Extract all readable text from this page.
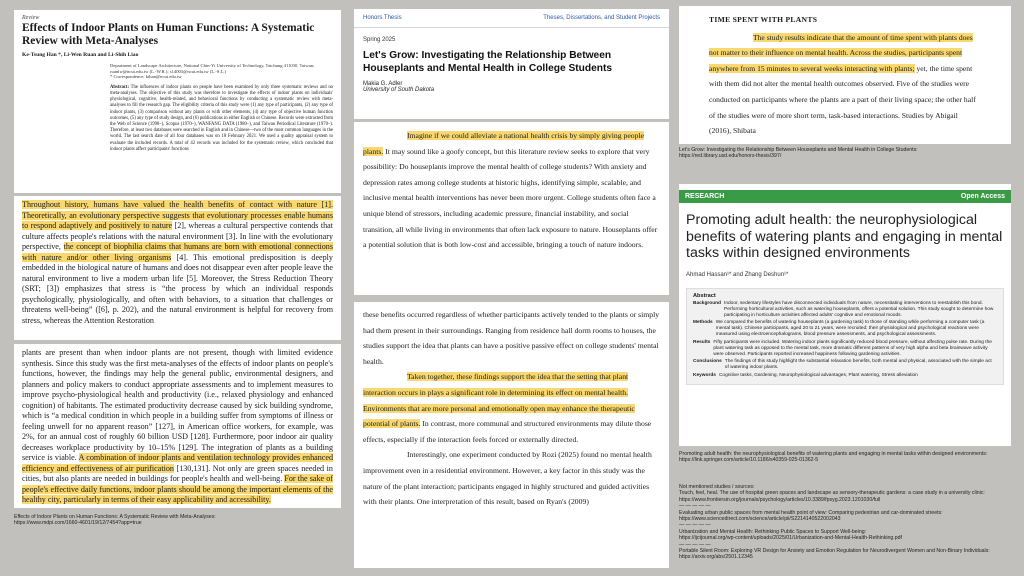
Review
Effects of Indoor Plants on Human Functions: A Systematic Review with Meta-Analyses
Ke-Tsung Han *, Li-Wen Ruan and Li-Shih Liao
Department of Landscape Architecture, National Chin-Yi University of Technology, Taichung 411030, Taiwan; ruanlw@ncut.edu.tw (L.-W.R.); s14003@ncut.edu.tw (L.-S.L.)
* Correspondence: kthan@ncut.edu.tw
Abstract: The influences of indoor plants on people have been examined by only three systematic reviews and no meta-analyses. The objective of this study was therefore to investigate the effects of indoor plants on individuals' physiological, cognitive, health-related, and behavioral functions by conducting a systematic review with meta-analyses to fill the research gap. The eligibility criteria of this study were (1) any type of participants, (2) any type of indoor plants, (3) comparison without any plants or with other elements, (4) any type of objective human function outcomes, (5) any type of study design, and (6) publications in either English or Chinese. Records were extracted from the Web of Science (1990–), Scopus (1970–), WANFANG DATA (1980–), and Taiwan Periodical Literature (1970–). Therefore, at least two databases were searched in English and in Chinese—two of the most common languages in the world. The last search date of all four databases was on 18 February 2021. We used a quality appraisal system to evaluate the included records. A total of 42 records was included for the systematic review, which concluded that indoor plants affect participants' functions

Throughout history, humans have valued the health benefits of contact with nature [1]. Theoretically, an evolutionary perspective suggests that evolutionary processes enable humans to respond adaptively and positively to nature [2], whereas a cultural perspective contends that culture affects people's relations with the natural environment [3]. In line with the evolutionary perspective, the concept of biophilia claims that humans are born with emotional connections with nature and/or other living organisms [4]. This emotional predisposition is deeply embedded in the biological nature of humans and does not disappear even after people leave the natural environment to live a modern urban life [5]. Moreover, the Stress Reduction Theory (SRT; [3]) emphasizes that stress is “the process by which an individual responds psychologically, physiologically, and often with behaviors, to a situation that challenges or threatens well-being” ([6], p. 202), and the natural environment is helpful for recovery from stress, whereas the Attention Restoration

plants are present than when indoor plants are not present, though with limited evidence synthesis. Since this study was the first meta-analyses of the effects of indoor plants on people's functions, however, the findings may help the general public, environmental designers, and planners and policy makers to conduct appropriate assessments and to implement measures to improve psycho-physiological health and productivity (i.e., relaxed physiology and enhanced cognition) of habitants. The estimated productivity decrease caused by sick building syndrome, which is “a medical condition in which people in a building suffer from symptoms of illness or feeling unwell for no apparent reason” [127], in American office workers, for example, was 2%, for an annual cost of roughly 60 billion USD [128]. Furthermore, poor indoor air quality decreases workplace productivity by 10–15% [129]. The integration of plants as a building service is viable. A combination of indoor plants and ventilation technology provides enhanced efficiency and effectiveness of air purification [130,131]. Not only are green spaces needed in cities, but also plants are needed in buildings for people's health and well-being. For the sake of people's effective daily functions, indoor plants should be among the important elements of the healthy city, particularly in terms of their easy applicability and accessibility.

Effects of Indoor Plants on Human Functions: A Systematic Review with Meta-Analyses:
https://www.mdpi.com/1660-4601/19/12/7454?app=true
Honors Thesis	Theses, Dissertations, and Student Projects
Spring 2025
Let's Grow: Investigating the Relationship Between Houseplants and Mental Health in College Students
Makia G. Adler
University of South Dakota

Imagine if we could alleviate a national health crisis by simply giving people plants. It may sound like a goofy concept, but this literature review seeks to explore that very possibility: Do houseplants improve the mental health of college students? With anxiety and depression rates among college students at historic highs, identifying simple, scalable, and inclusive mental health interventions has never been more urgent. College students often face a unique blend of stressors, including academic pressure, financial instability, and social transition, all while living in environments that often lack exposure to nature. Houseplants offer a potential solution that is both low-cost and accessible, bringing a touch of nature indoors.

these benefits occurred regardless of whether participants actively tended to the plants or simply had them present in their surroundings. Ranging from residence hall dorm rooms to houses, the studies support the idea that plants can have a positive passive effect on college students' mental health.

Taken together, these findings support the idea that the setting that plant interaction occurs in plays a significant role in determining its effect on mental health. Environments that are more personal and emotionally open may enhance the therapeutic potential of plants. In contrast, more communal and structured environments may dilute those effects, especially if the interaction feels forced or externally directed.

Interestingly, one experiment conducted by Rozi (2025) found no mental health improvement even in a residential environment. However, a key factor in this study was the nature of the plant interaction; participants engaged in highly structured and guided activities with their plants. One interpretation of this result, based on Ryan's (2009)

TIME SPENT WITH PLANTS

The study results indicate that the amount of time spent with plants does not matter to their influence on mental health. Across the studies, participants spent anywhere from 15 minutes to several weeks interacting with plants; yet, the time spent with them did not alter the mental health outcomes observed. Five of the studies were conducted on participants where the plants are a part of their living space; the other half of the studies were of more short term, task-based interactions. Studies by Abigail (2016), Shibata

Let's Grow: Investigating the Relationship Between Houseplants and Mental Health in College Students:
https://red.library.usd.edu/honors-thesis/397/
RESEARCH	Open Access
Promoting adult health: the neurophysiological benefits of watering plants and engaging in mental tasks within designed environments
Ahmad Hassan¹* and Zhang Deshun¹*
Abstract
Background Indoor, sedentary lifestyles have disconnected individuals from nature, necessitating interventions to reestablish this bond. Performing horticultural activities, such as watering houseplants, offers a potential solution. This study sought to determine how participating in horticulture activities affected adults' cognitive and emotional moods.
Methods We compared the benefits of watering houseplants (a gardening task) to those of standing while performing a computer task (a mental task). Chinese participants, aged 20 to 21 years, were recruited; their physiological and psychological reactions were measured using electroencephalograms, blood pressure assessments, and psychological assessments.
Results Fifty participants were included. Watering indoor plants significantly reduced blood pressure, without affecting pulse rate. During the plant watering task as opposed to the mental task, more dramatic different patterns of very high alpha and beta brainwave activity were observed. Participants reported increased happiness following gardening activities.
Conclusions The findings of this study highlight the substantial relaxation benefits, both mental and physical, associated with the simple act of watering indoor plants.
Keywords Cognitive tasks, Gardening, Neurophysiological advantages, Plant watering, Stress alleviation
Promoting adult health: the neurophysiological benefits of watering plants and engaging in mental tasks within designed environments:
https://link.springer.com/article/10.1186/s40359-025-01362-5
Not mentioned studies / sources:
Touch, feel, heal. The use of hospital green spaces and landscape as sensory-therapeutic gardens: a case study in a university clinic:
https://www.frontiersin.org/journals/psychology/articles/10.3389/fpsyg.2023.1201030/full
— — — — —
Evaluating urban public spaces from mental health point of view: Comparing pedestrian and car-dominated streets:
https://www.sciencedirect.com/science/article/pii/S2214140522002043
— — — — —
Urbanization and Mental Health: Rethinking Public Spaces to Support Well-being:
https://ijctjournal.org/wp-content/uploads/2025/01/Urbanization-and-Mental-Health-Rethinking.pdf
— — — — —
Portable Silent Room: Exploring VR Design for Anxiety and Emotion Regulation for Neurodivergent Women and Non-Binary Individuals:
https://arxiv.org/abs/2501.12345
